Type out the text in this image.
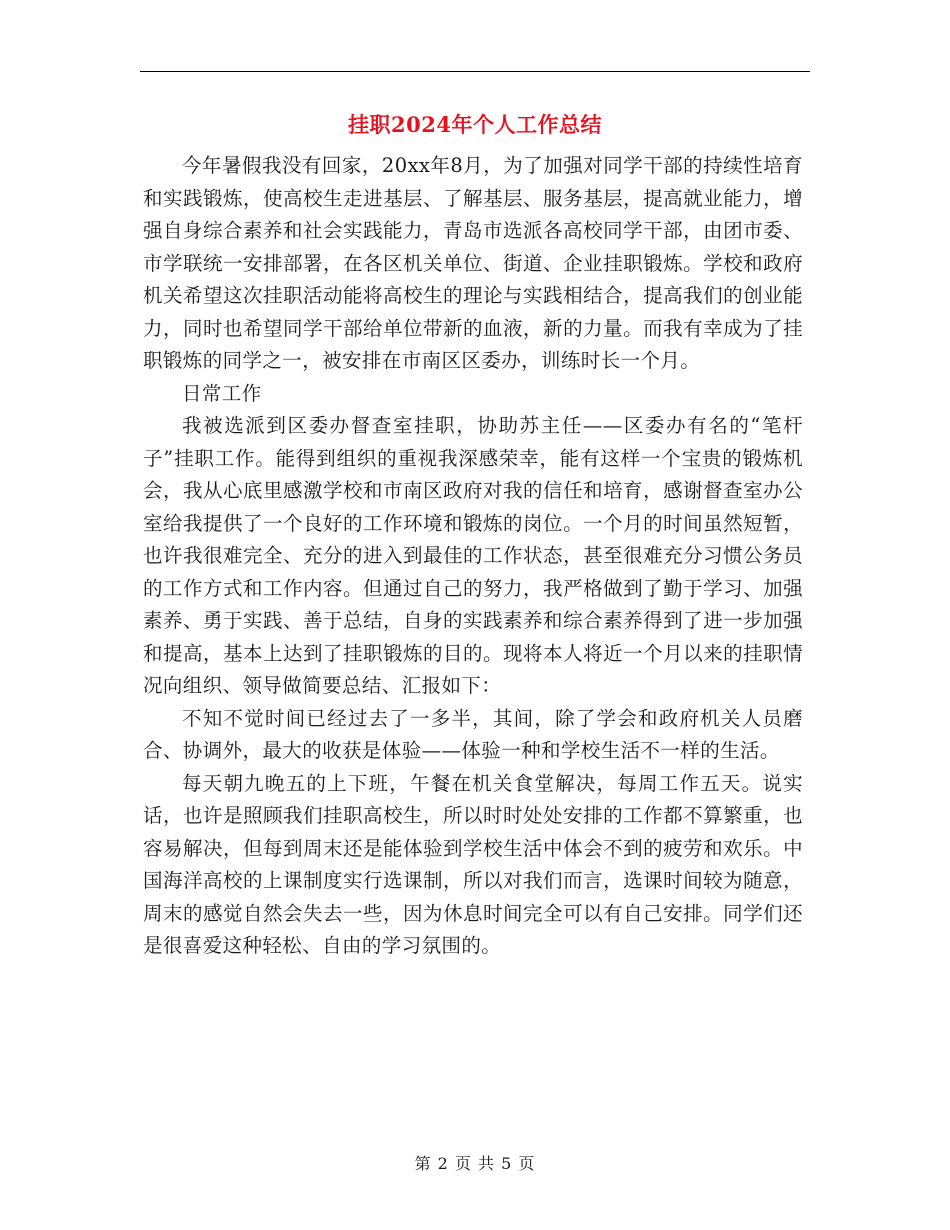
挂职2024年个人工作总结

今年暑假我没有回家，20xx年8月，为了加强对同学干部的持续性培育和实践锻炼，使高校生走进基层、了解基层、服务基层，提高就业能力，增强自身综合素养和社会实践能力，青岛市选派各高校同学干部，由团市委、市学联统一安排部署，在各区机关单位、街道、企业挂职锻炼。学校和政府机关希望这次挂职活动能将高校生的理论与实践相结合，提高我们的创业能力，同时也希望同学干部给单位带新的血液，新的力量。而我有幸成为了挂职锻炼的同学之一，被安排在市南区区委办，训练时长一个月。

日常工作

我被选派到区委办督查室挂职，协助苏主任——区委办有名的“笔杆子”挂职工作。能得到组织的重视我深感荣幸，能有这样一个宝贵的锻炼机会，我从心底里感激学校和市南区政府对我的信任和培育，感谢督查室办公室给我提供了一个良好的工作环境和锻炼的岗位。一个月的时间虽然短暂，也许我很难完全、充分的进入到最佳的工作状态，甚至很难充分习惯公务员的工作方式和工作内容。但通过自己的努力，我严格做到了勤于学习、加强素养、勇于实践、善于总结，自身的实践素养和综合素养得到了进一步加强和提高，基本上达到了挂职锻炼的目的。现将本人将近一个月以来的挂职情况向组织、领导做简要总结、汇报如下：

不知不觉时间已经过去了一多半，其间，除了学会和政府机关人员磨合、协调外，最大的收获是体验——体验一种和学校生活不一样的生活。

每天朝九晚五的上下班，午餐在机关食堂解决，每周工作五天。说实话，也许是照顾我们挂职高校生，所以时时处处安排的工作都不算繁重，也容易解决，但每到周末还是能体验到学校生活中体会不到的疲劳和欢乐。中国海洋高校的上课制度实行选课制，所以对我们而言，选课时间较为随意，周末的感觉自然会失去一些，因为休息时间完全可以有自己安排。同学们还是很喜爱这种轻松、自由的学习氛围的。

第 2 页 共 5 页
